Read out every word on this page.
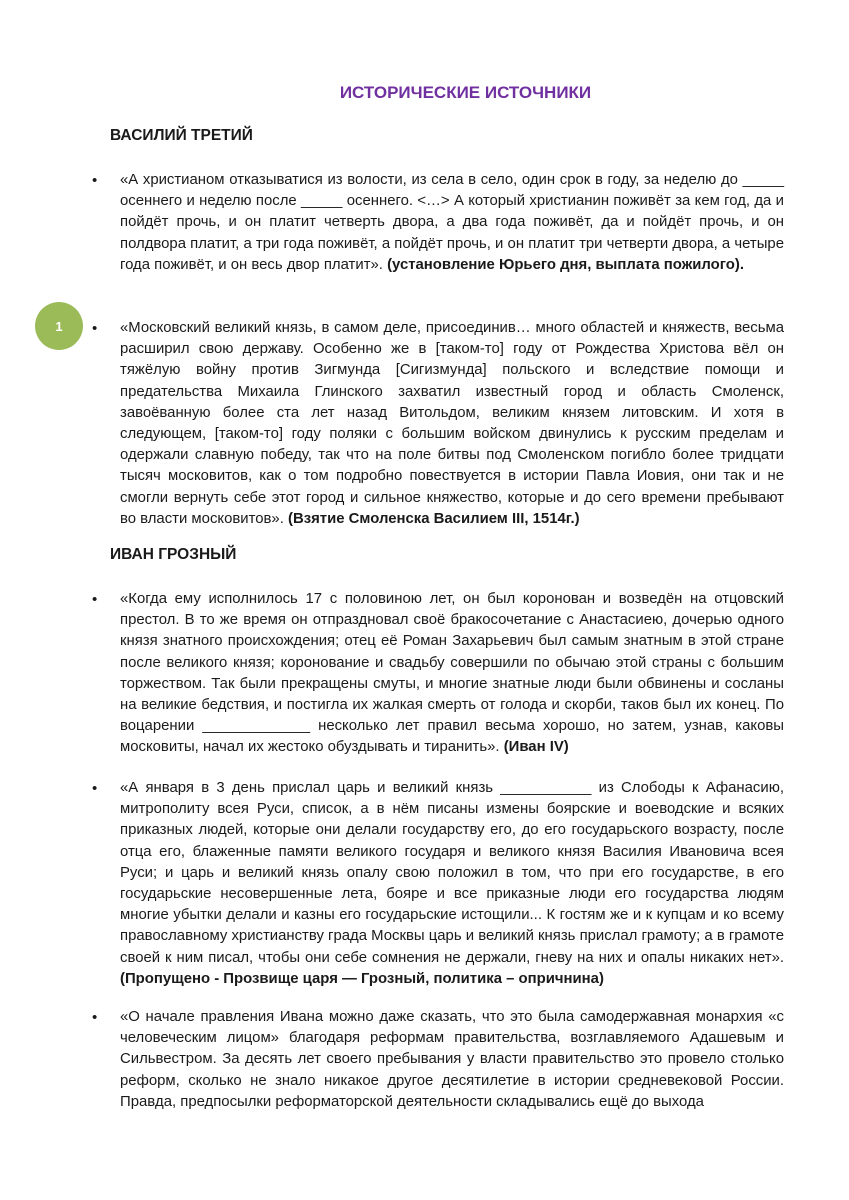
ИСТОРИЧЕСКИЕ ИСТОЧНИКИ
1
ВАСИЛИЙ ТРЕТИЙ
• «А христианом отказыватися из волости, из села в село, один срок в году, за неделю до _____ осеннего и неделю после _____ осеннего. <…> А который христианин поживёт за кем год, да и пойдёт прочь, и он платит четверть двора, а два года поживёт, да и пойдёт прочь, и он полдвора платит, а три года поживёт, а пойдёт прочь, и он платит три четверти двора, а четыре года поживёт, и он весь двор платит». (установление Юрьего дня, выплата пожилого).
• «Московский великий князь, в самом деле, присоединив… много областей и княжеств, весьма расширил свою державу. Особенно же в [таком-то] году от Рождества Христова вёл он тяжёлую войну против Зигмунда [Сигизмунда] польского и вследствие помощи и предательства Михаила Глинского захватил известный город и область Смоленск, завоёванную более ста лет назад Витольдом, великим князем литовским. И хотя в следующем, [таком-то] году поляки с большим войском двинулись к русским пределам и одержали славную победу, так что на поле битвы под Смоленском погибло более тридцати тысяч московитов, как о том подробно повествуется в истории Павла Иовия, они так и не смогли вернуть себе этот город и сильное княжество, которые и до сего времени пребывают во власти московитов». (Взятие Смоленска Василием III, 1514г.)
ИВАН ГРОЗНЫЙ
• «Когда ему исполнилось 17 с половиною лет, он был коронован и возведён на отцовский престол. В то же время он отпраздновал своё бракосочетание с Анастасиею, дочерью одного князя знатного происхождения; отец её Роман Захарьевич был самым знатным в этой стране после великого князя; коронование и свадьбу совершили по обычаю этой страны с большим торжеством. Так были прекращены смуты, и многие знатные люди были обвинены и сосланы на великие бедствия, и постигла их жалкая смерть от голода и скорби, таков был их конец. По воцарении _____________ несколько лет правил весьма хорошо, но затем, узнав, каковы московиты, начал их жестоко обуздывать и тиранить». (Иван IV)
• «А января в 3 день прислал царь и великий князь ___________ из Слободы к Афанасию, митрополиту всея Руси, список, а в нём писаны измены боярские и воеводские и всяких приказных людей, которые они делали государству его, до его государьского возрасту, после отца его, блаженные памяти великого государя и великого князя Василия Ивановича всея Руси; и царь и великий князь опалу свою положил в том, что при его государстве, в его государьские несовершенные лета, бояре и все приказные люди его государства людям многие убытки делали и казны его государьские истощили... К гостям же и к купцам и ко всему православному христианству града Москвы царь и великий князь прислал грамоту; а в грамоте своей к ним писал, чтобы они себе сомнения не держали, гневу на них и опалы никаких нет». (Пропущено - Прозвище царя — Грозный, политика – опричнина)
• «О начале правления Ивана можно даже сказать, что это была самодержавная монархия «с человеческим лицом» благодаря реформам правительства, возглавляемого Адашевым и Сильвестром. За десять лет своего пребывания у власти правительство это провело столько реформ, сколько не знало никакое другое десятилетие в истории средневековой России. Правда, предпосылки реформаторской деятельности складывались ещё до выхода
